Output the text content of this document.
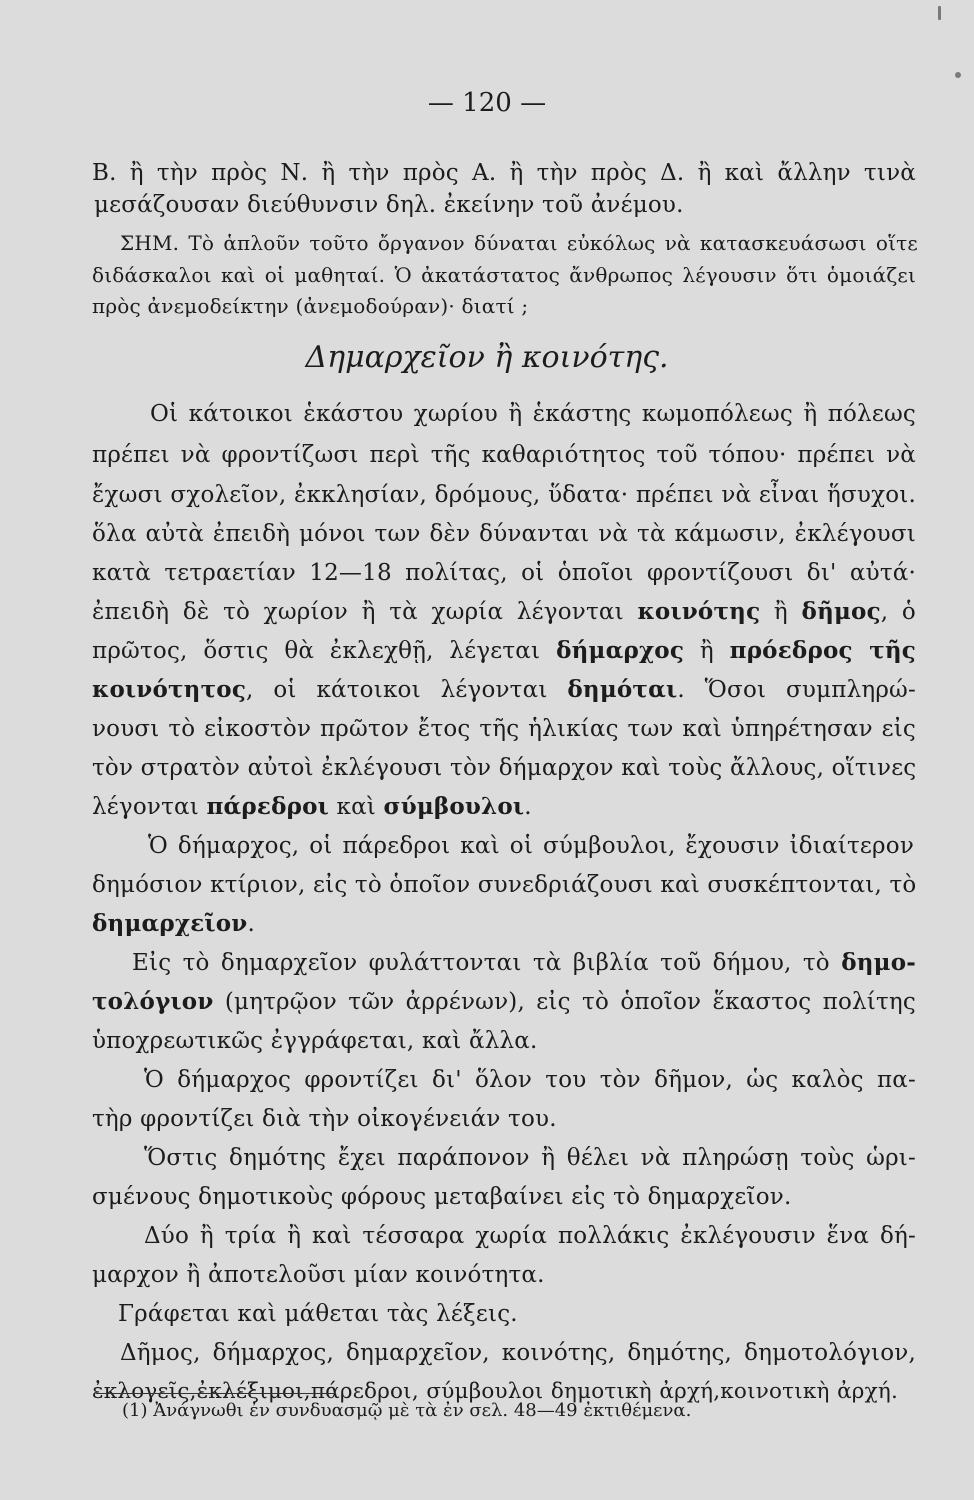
— 120 —
Β. ἢ τὴν πρὸς Ν. ἢ τὴν πρὸς Α. ἢ τὴν πρὸς Δ. ἢ καὶ ἄλλην τινὰ
μεσάζουσαν διεύθυνσιν δηλ. ἐκείνην τοῦ ἀνέμου.
ΣΗΜ. Τὸ ἁπλοῦν τοῦτο ὄργανον δύναται εὐκόλως νὰ κατασκευάσωσι οἵτε
διδάσκαλοι καὶ οἱ μαθηταί. Ὁ ἀκατάστατος ἄνθρωπος λέγουσιν ὅτι ὁμοιάζει
πρὸς ἀνεμοδείκτην (ἀνεμοδούραν)· διατί ;
Δημαρχεῖον ἢ κοινότης.
Οἱ κάτοικοι ἑκάστου χωρίου ἢ ἑκάστης κωμοπόλεως ἢ πόλεως
πρέπει νὰ φροντίζωσι περὶ τῆς καθαριότητος τοῦ τόπου· πρέπει νὰ
ἔχωσι σχολεῖον, ἐκκλησίαν, δρόμους, ὕδατα· πρέπει νὰ εἶναι ἥσυχοι.
ὅλα αὐτὰ ἐπειδὴ μόνοι των δὲν δύνανται νὰ τὰ κάμωσιν, ἐκλέγουσι
κατὰ τετραετίαν 12—18 πολίτας, οἱ ὁποῖοι φροντίζουσι δι' αὐτά·
ἐπειδὴ δὲ τὸ χωρίον ἢ τὰ χωρία λέγονται κοινότης ἢ δῆμος, ὁ
πρῶτος, ὅστις θὰ ἐκλεχθῇ, λέγεται δήμαρχος ἢ πρόεδρος τῆς
κοινότητος, οἱ κάτοικοι λέγονται δημόται. Ὅσοι συμπληρώ-
νουσι τὸ εἰκοστὸν πρῶτον ἔτος τῆς ἡλικίας των καὶ ὑπηρέτησαν εἰς
τὸν στρατὸν αὐτοὶ ἐκλέγουσι τὸν δήμαρχον καὶ τοὺς ἄλλους, οἵτινες
λέγονται πάρεδροι καὶ σύμβουλοι.
Ὁ δήμαρχος, οἱ πάρεδροι καὶ οἱ σύμβουλοι, ἔχουσιν ἰδιαίτερον
δημόσιον κτίριον, εἰς τὸ ὁποῖον συνεδριάζουσι καὶ συσκέπτονται, τὸ
δημαρχεῖον.
Εἰς τὸ δημαρχεῖον φυλάττονται τὰ βιβλία τοῦ δήμου, τὸ δημο-
τολόγιον (μητρῷον τῶν ἀρρένων), εἰς τὸ ὁποῖον ἕκαστος πολίτης
ὑποχρεωτικῶς ἐγγράφεται, καὶ ἄλλα.
Ὁ δήμαρχος φροντίζει δι' ὅλον του τὸν δῆμον, ὡς καλὸς πα-
τὴρ φροντίζει διὰ τὴν οἰκογένειάν του.
Ὅστις δημότης ἔχει παράπονον ἢ θέλει νὰ πληρώσῃ τοὺς ὡρι-
σμένους δημοτικοὺς φόρους μεταβαίνει εἰς τὸ δημαρχεῖον.
Δύο ἢ τρία ἢ καὶ τέσσαρα χωρία πολλάκις ἐκλέγουσιν ἕνα δή-
μαρχον ἢ ἀποτελοῦσι μίαν κοινότητα.
Γράφεται καὶ μάθεται τὰς λέξεις.
Δῆμος, δήμαρχος, δημαρχεῖον, κοινότης, δημότης, δημοτολόγιον,
ἐκλογεῖς,ἐκλέξιμοι,πάρεδροι, σύμβουλοι δημοτικὴ ἀρχή,κοινοτικὴ ἀρχή.
(1) Ἀνάγνωθι ἐν συνδυασμῷ μὲ τὰ ἐν σελ. 48—49 ἐκτιθέμενα.
